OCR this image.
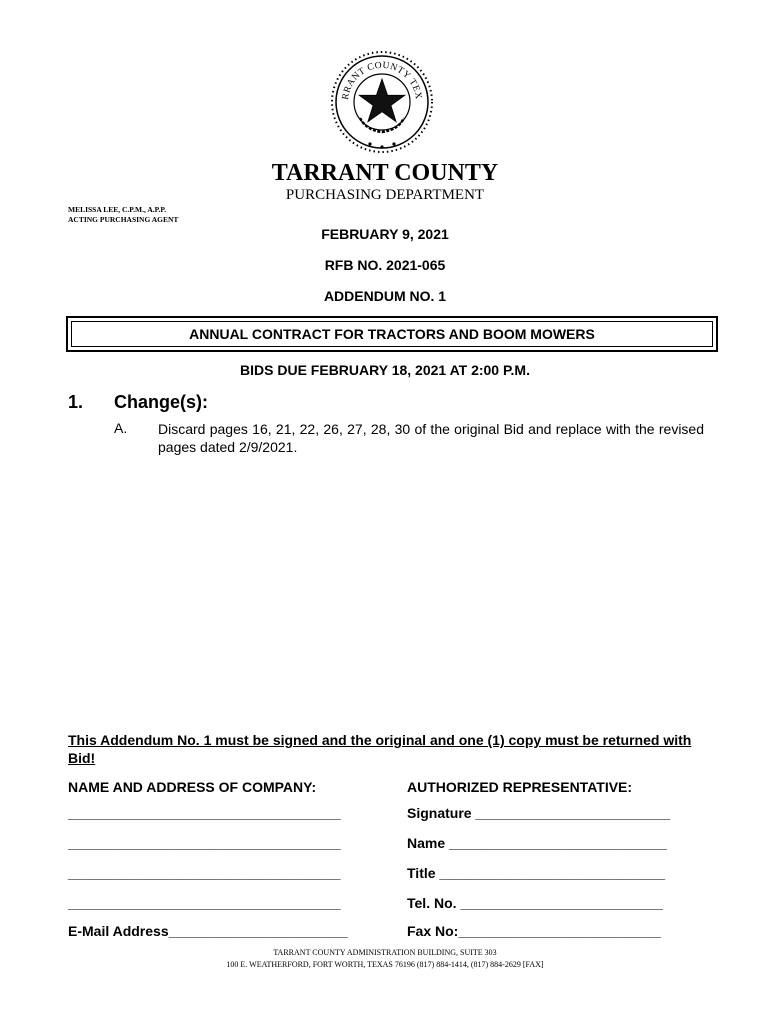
RRANT COUNTY TEX
TARRANT COUNTY
PURCHASING DEPARTMENT
MELISSA LEE, C.P.M., A.P.P.
ACTING PURCHASING AGENT
FEBRUARY 9, 2021
RFB NO. 2021-065
ADDENDUM NO. 1
ANNUAL CONTRACT FOR TRACTORS AND BOOM MOWERS
BIDS DUE FEBRUARY 18, 2021 AT 2:00 P.M.
1. Change(s):
A. Discard pages 16, 21, 22, 26, 27, 28, 30 of the original Bid and replace with the revised pages dated 2/9/2021.
This Addendum No. 1 must be signed and the original and one (1) copy must be returned with Bid!
NAME AND ADDRESS OF COMPANY:	AUTHORIZED REPRESENTATIVE:
___________________________________
___________________________________
___________________________________
___________________________________
E-Mail Address_______________________
Signature _________________________
Name ____________________________
Title _____________________________
Tel. No. __________________________
Fax No:__________________________
TARRANT COUNTY ADMINISTRATION BUILDING, SUITE 303
100 E. WEATHERFORD, FORT WORTH, TEXAS 76196 (817) 884-1414, (817) 884-2629 [FAX]
